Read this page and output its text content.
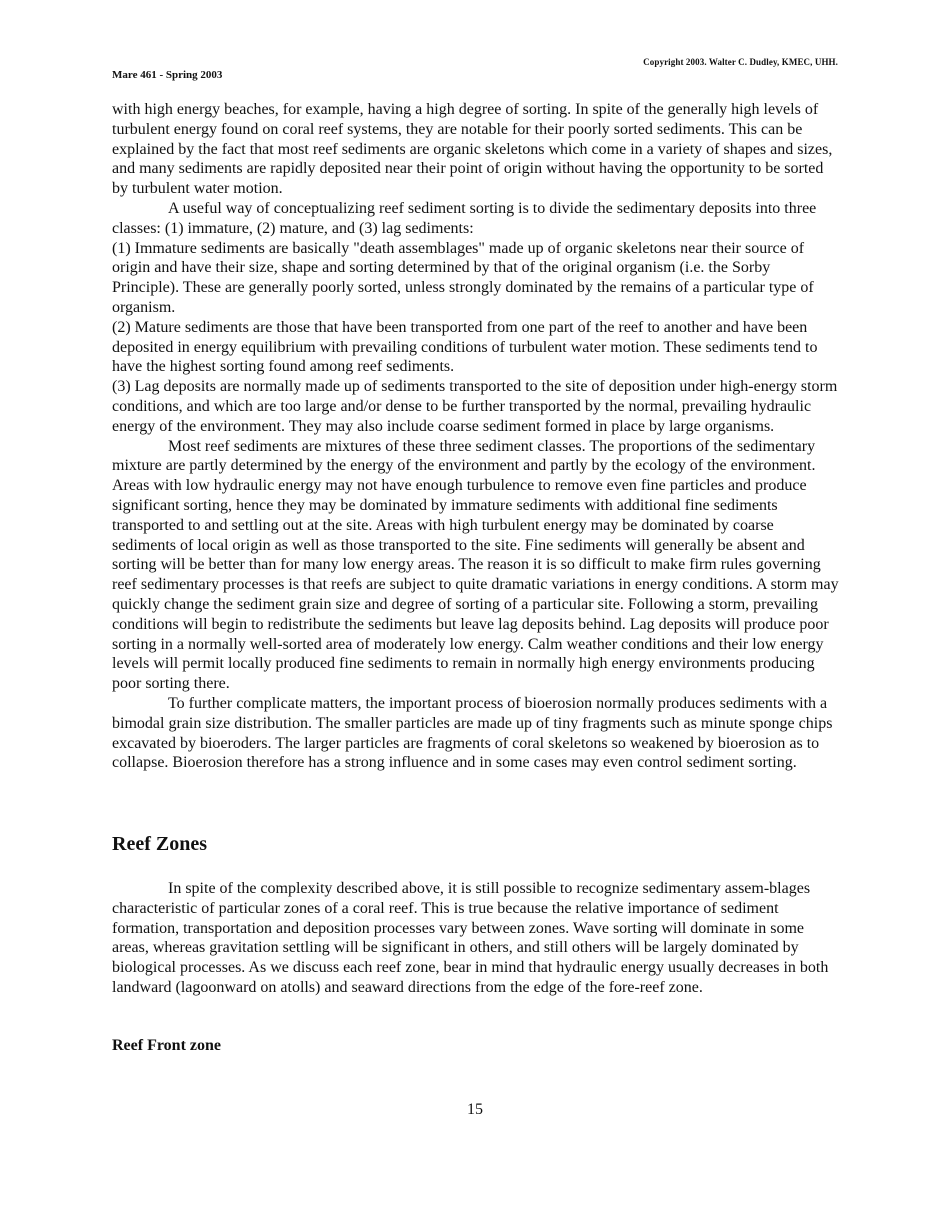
Copyright 2003. Walter C. Dudley, KMEC, UHH.
Mare 461 - Spring 2003

with high energy beaches, for example, having a high degree of sorting. In spite of the generally high levels of turbulent energy found on coral reef systems, they are notable for their poorly sorted sediments. This can be explained by the fact that most reef sediments are organic skeletons which come in a variety of shapes and sizes, and many sediments are rapidly deposited near their point of origin without having the opportunity to be sorted by turbulent water motion.

A useful way of conceptualizing reef sediment sorting is to divide the sedimentary deposits into three classes: (1) immature, (2) mature, and (3) lag sediments:

(1) Immature sediments are basically "death assemblages" made up of organic skeletons near their source of origin and have their size, shape and sorting determined by that of the original organism (i.e. the Sorby Principle). These are generally poorly sorted, unless strongly dominated by the remains of a particular type of organism.

(2) Mature sediments are those that have been transported from one part of the reef to another and have been deposited in energy equilibrium with prevailing conditions of turbulent water motion. These sediments tend to have the highest sorting found among reef sediments.

(3) Lag deposits are normally made up of sediments transported to the site of deposition under high-energy storm conditions, and which are too large and/or dense to be further transported by the normal, prevailing hydraulic energy of the environment. They may also include coarse sediment formed in place by large organisms.

Most reef sediments are mixtures of these three sediment classes. The proportions of the sedimentary mixture are partly determined by the energy of the environment and partly by the ecology of the environment. Areas with low hydraulic energy may not have enough turbulence to remove even fine particles and produce significant sorting, hence they may be dominated by immature sediments with additional fine sediments transported to and settling out at the site. Areas with high turbulent energy may be dominated by coarse sediments of local origin as well as those transported to the site. Fine sediments will generally be absent and sorting will be better than for many low energy areas. The reason it is so difficult to make firm rules governing reef sedimentary processes is that reefs are subject to quite dramatic variations in energy conditions. A storm may quickly change the sediment grain size and degree of sorting of a particular site. Following a storm, prevailing conditions will begin to redistribute the sediments but leave lag deposits behind. Lag deposits will produce poor sorting in a normally well-sorted area of moderately low energy. Calm weather conditions and their low energy levels will permit locally produced fine sediments to remain in normally high energy environments producing poor sorting there.

To further complicate matters, the important process of bioerosion normally produces sediments with a bimodal grain size distribution. The smaller particles are made up of tiny fragments such as minute sponge chips excavated by bioeroders. The larger particles are fragments of coral skeletons so weakened by bioerosion as to collapse. Bioerosion therefore has a strong influence and in some cases may even control sediment sorting.

Reef Zones

In spite of the complexity described above, it is still possible to recognize sedimentary assem-blages characteristic of particular zones of a coral reef. This is true because the relative importance of sediment formation, transportation and deposition processes vary between zones. Wave sorting will dominate in some areas, whereas gravitation settling will be significant in others, and still others will be largely dominated by biological processes. As we discuss each reef zone, bear in mind that hydraulic energy usually decreases in both landward (lagoonward on atolls) and seaward directions from the edge of the fore-reef zone.

Reef Front zone
15
